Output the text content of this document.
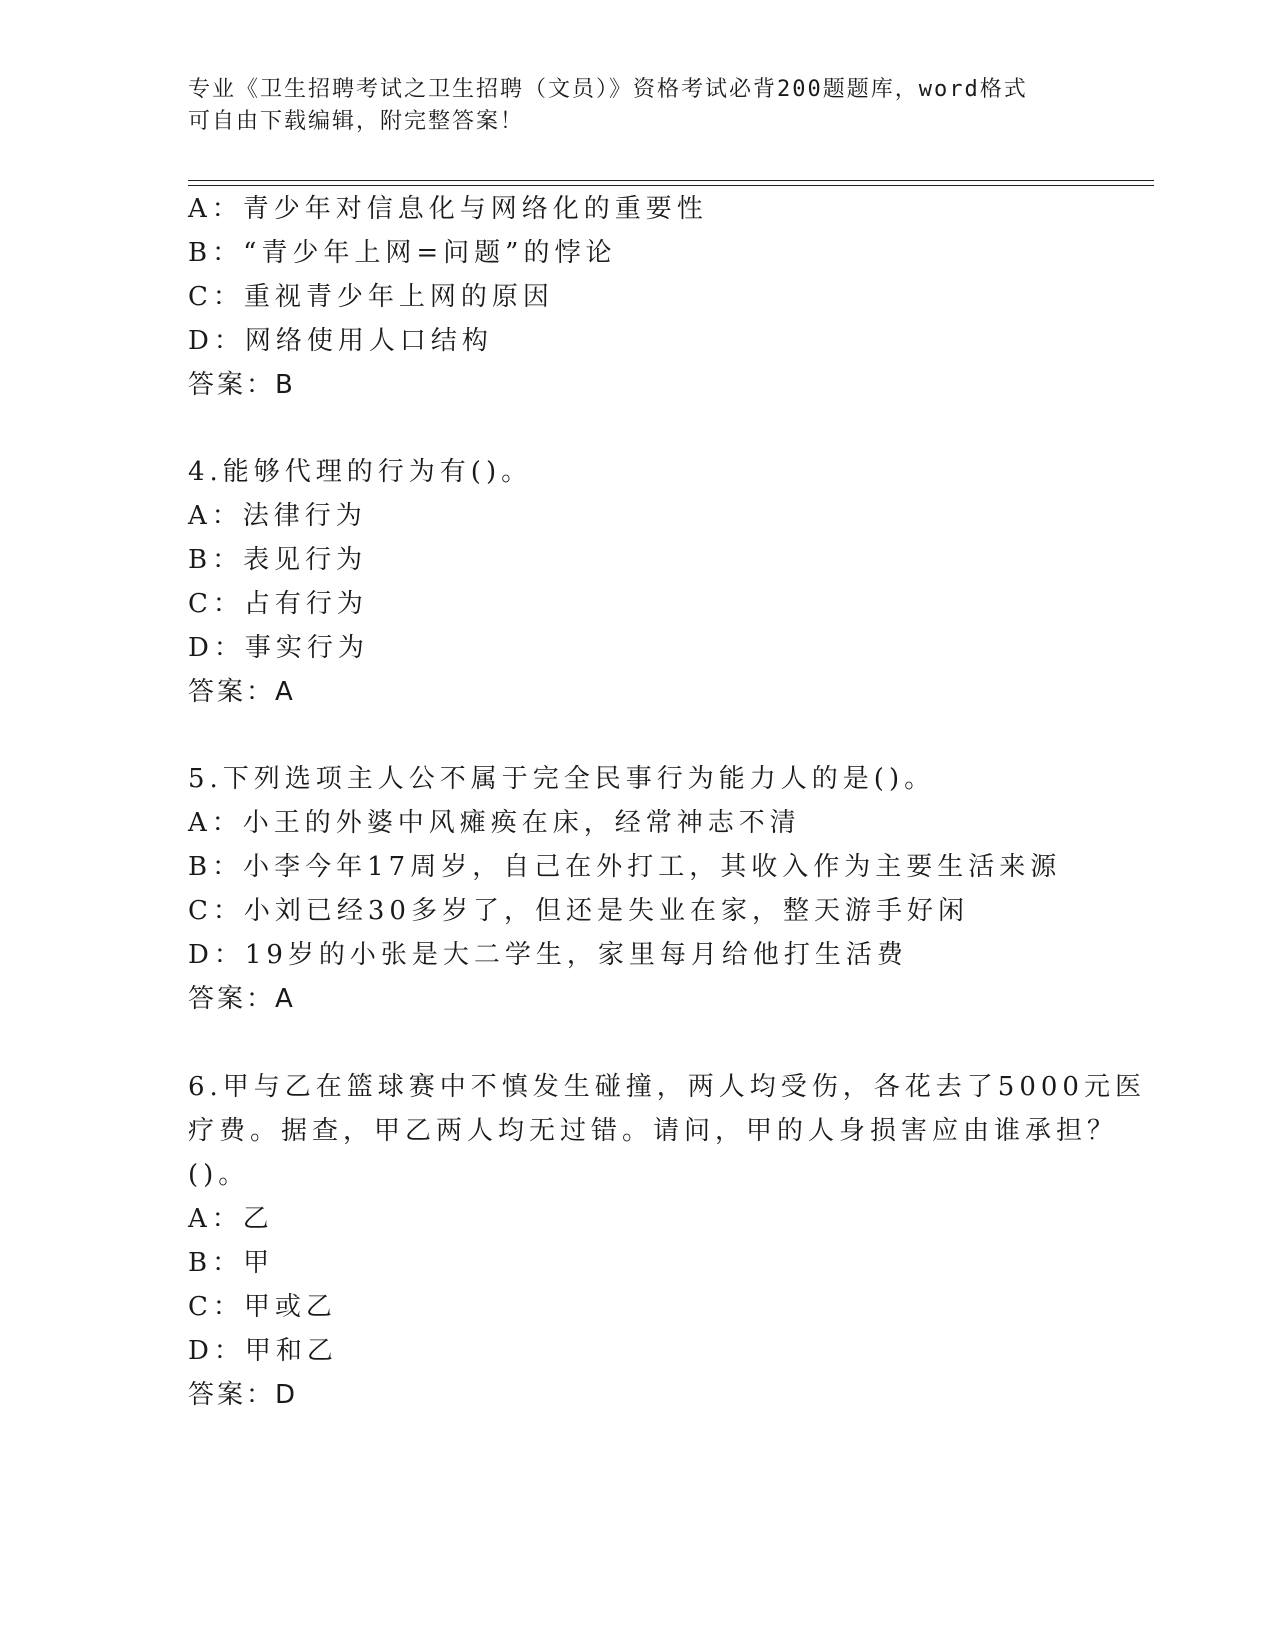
专业《卫生招聘考试之卫生招聘（文员）》资格考试必背200题题库，word格式
可自由下载编辑，附完整答案！
A：青少年对信息化与网络化的重要性
B：“青少年上网=问题”的悖论
C：重视青少年上网的原因
D：网络使用人口结构
答案：B
4.能够代理的行为有()。
A：法律行为
B：表见行为
C：占有行为
D：事实行为
答案：A
5.下列选项主人公不属于完全民事行为能力人的是()。
A：小王的外婆中风瘫痪在床，经常神志不清
B：小李今年17周岁，自己在外打工，其收入作为主要生活来源
C：小刘已经30多岁了，但还是失业在家，整天游手好闲
D：19岁的小张是大二学生，家里每月给他打生活费
答案：A
6.甲与乙在篮球赛中不慎发生碰撞，两人均受伤，各花去了5000元医
疗费。据查，甲乙两人均无过错。请问，甲的人身损害应由谁承担？
()。
A：乙
B：甲
C：甲或乙
D：甲和乙
答案：D
